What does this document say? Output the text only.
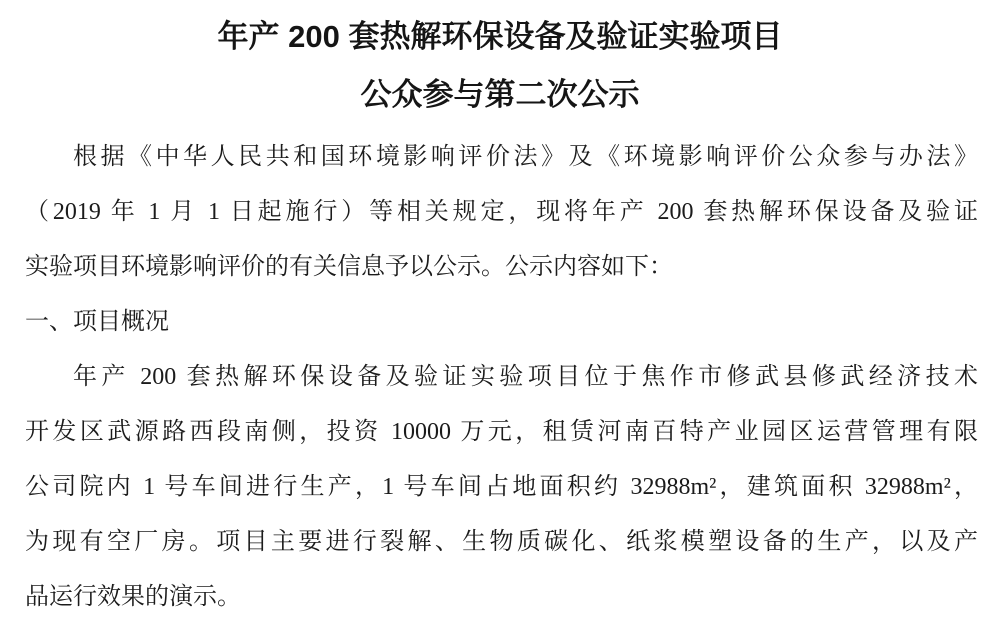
年产 200 套热解环保设备及验证实验项目
公众参与第二次公示
根据《中华人民共和国环境影响评价法》及《环境影响评价公众参与办法》
（2019 年 1 月 1 日起施行）等相关规定，现将年产 200 套热解环保设备及验证
实验项目环境影响评价的有关信息予以公示。公示内容如下：
一、项目概况
年产 200 套热解环保设备及验证实验项目位于焦作市修武县修武经济技术
开发区武源路西段南侧，投资 10000 万元，租赁河南百特产业园区运营管理有限
公司院内 1 号车间进行生产，1 号车间占地面积约 32988m²，建筑面积 32988m²，
为现有空厂房。项目主要进行裂解、生物质碳化、纸浆模塑设备的生产，以及产
品运行效果的演示。
